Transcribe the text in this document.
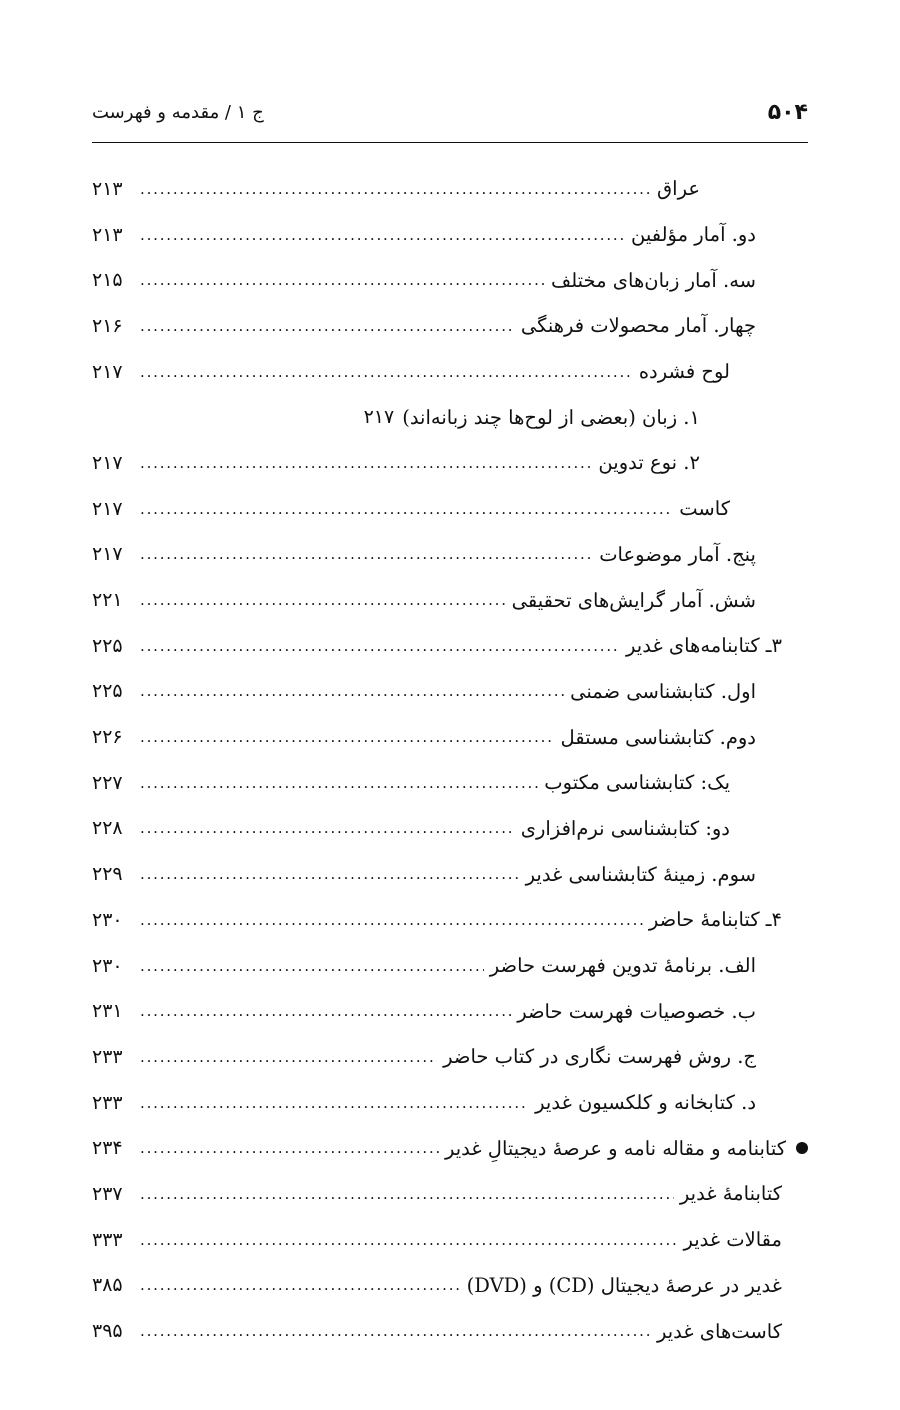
۵۰۴
ج ۱ / مقدمه و فهرست
عراق
.....
۲۱۳
دو. آمار مؤلفین
.....
۲۱۳
سه. آمار زبان‌های مختلف
.....
۲۱۵
چهار. آمار محصولات فرهنگی
.....
۲۱۶
لوح فشرده
.....
۲۱۷
۱. زبان (بعضی از لوح‌ها چند زبانه‌اند)
۲۱۷
۲. نوع تدوین
.....
۲۱۷
کاست
.....
۲۱۷
پنج. آمار موضوعات
.....
۲۱۷
شش. آمار گرایش‌های تحقیقی
.....
۲۲۱
۳ـ کتابنامه‌های غدیر
.....
۲۲۵
اول. کتابشناسی ضمنی
.....
۲۲۵
دوم. کتابشناسی مستقل
.....
۲۲۶
یک: کتابشناسی مکتوب
.....
۲۲۷
دو: کتابشناسی نرم‌افزاری
.....
۲۲۸
سوم. زمینهٔ کتابشناسی غدیر
.....
۲۲۹
۴ـ کتابنامهٔ حاضر
.....
۲۳۰
الف. برنامهٔ تدوین فهرست حاضر
.....
۲۳۰
ب. خصوصیات فهرست حاضر
.....
۲۳۱
ج. روش فهرست نگاری در کتاب حاضر
.....
۲۳۳
د. کتابخانه و کلکسیون غدیر
.....
۲۳۳
کتابنامه و مقاله نامه و عرصهٔ دیجیتالِ غدیر
.....
۲۳۴
کتابنامهٔ غدیر
.....
۲۳۷
مقالات غدیر
.....
۳۳۳
غدیر در عرصهٔ دیجیتال (CD) و (DVD)
.....
۳۸۵
کاست‌های غدیر
.....
۳۹۵
